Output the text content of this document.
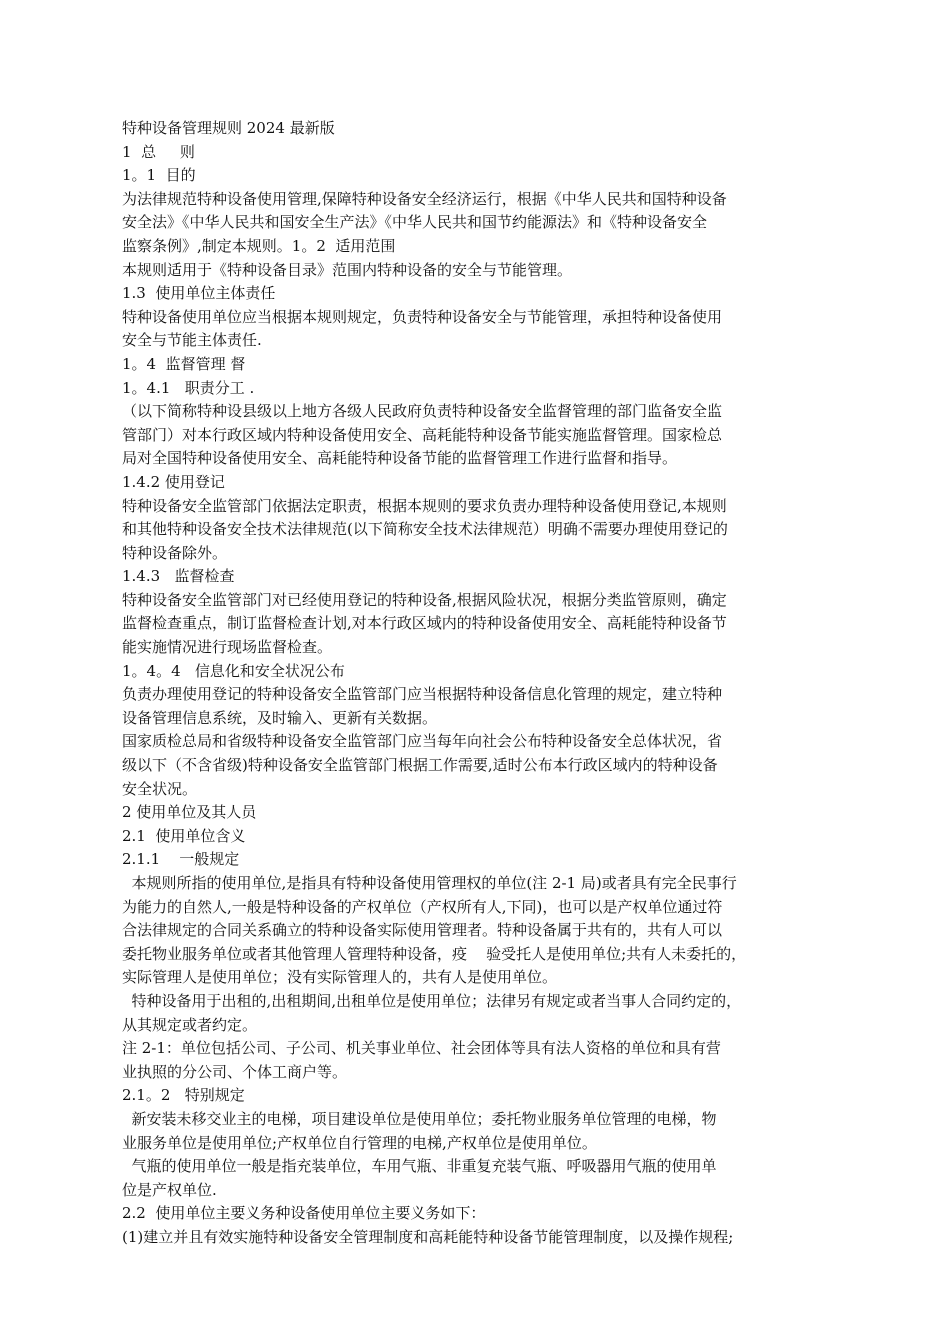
特种设备管理规则 2024 最新版
1  总     则
1。1  目的
为法律规范特种设备使用管理,保障特种设备安全经济运行，根据《中华人民共和国特种设备
安全法》《中华人民共和国安全生产法》《中华人民共和国节约能源法》和《特种设备安全
监察条例》,制定本规则。1。2  适用范围
本规则适用于《特种设备目录》范围内特种设备的安全与节能管理。
1.3  使用单位主体责任
特种设备使用单位应当根据本规则规定，负责特种设备安全与节能管理，承担特种设备使用
安全与节能主体责任.
1。4  监督管理 督
1。4.1   职责分工 .
（以下简称特种设县级以上地方各级人民政府负责特种设备安全监督管理的部门监备安全监
管部门）对本行政区域内特种设备使用安全、高耗能特种设备节能实施监督管理。国家检总
局对全国特种设备使用安全、高耗能特种设备节能的监督管理工作进行监督和指导。
1.4.2 使用登记
特种设备安全监管部门依据法定职责，根据本规则的要求负责办理特种设备使用登记,本规则
和其他特种设备安全技术法律规范(以下简称安全技术法律规范）明确不需要办理使用登记的
特种设备除外。
1.4.3   监督检查
特种设备安全监管部门对已经使用登记的特种设备,根据风险状况，根据分类监管原则，确定
监督检查重点，制订监督检查计划,对本行政区域内的特种设备使用安全、高耗能特种设备节
能实施情况进行现场监督检查。
1。4。4   信息化和安全状况公布
负责办理使用登记的特种设备安全监管部门应当根据特种设备信息化管理的规定，建立特种
设备管理信息系统，及时输入、更新有关数据。
国家质检总局和省级特种设备安全监管部门应当每年向社会公布特种设备安全总体状况，省
级以下（不含省级)特种设备安全监管部门根据工作需要,适时公布本行政区域内的特种设备
安全状况。
2 使用单位及其人员
2.1  使用单位含义
2.1.1    一般规定
本规则所指的使用单位,是指具有特种设备使用管理权的单位(注 2-1 局)或者具有完全民事行
为能力的自然人,一般是特种设备的产权单位（产权所有人,下同)，也可以是产权单位通过符
合法律规定的合同关系确立的特种设备实际使用管理者。特种设备属于共有的，共有人可以
委托物业服务单位或者其他管理人管理特种设备，疫    验受托人是使用单位;共有人未委托的，
实际管理人是使用单位；没有实际管理人的，共有人是使用单位。
特种设备用于出租的,出租期间,出租单位是使用单位；法律另有规定或者当事人合同约定的，
从其规定或者约定。
注 2-1：单位包括公司、子公司、机关事业单位、社会团体等具有法人资格的单位和具有营
业执照的分公司、个体工商户等。
2.1。2   特别规定
新安装未移交业主的电梯，项目建设单位是使用单位；委托物业服务单位管理的电梯，物
业服务单位是使用单位;产权单位自行管理的电梯,产权单位是使用单位。
气瓶的使用单位一般是指充装单位，车用气瓶、非重复充装气瓶、呼吸器用气瓶的使用单
位是产权单位.
2.2  使用单位主要义务种设备使用单位主要义务如下：
(1)建立并且有效实施特种设备安全管理制度和高耗能特种设备节能管理制度，以及操作规程;
